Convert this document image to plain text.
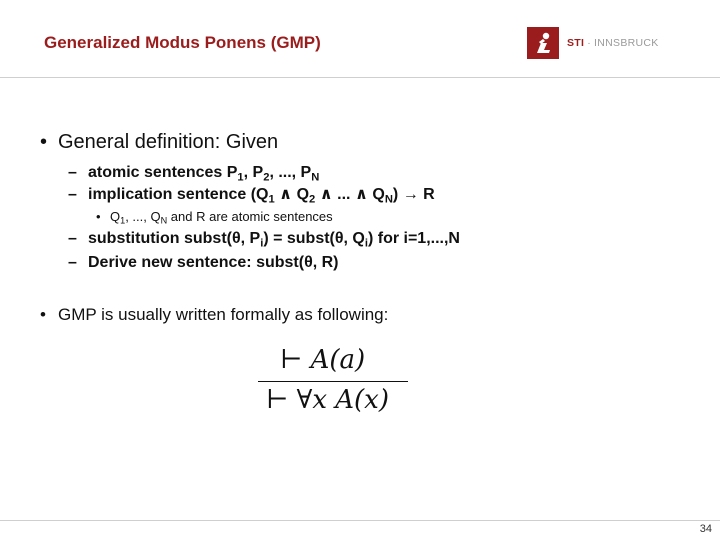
Generalized Modus Ponens (GMP)	STI · INNSBRUCK
• General definition: Given
– atomic sentences $P_1$, $P_2$, ..., $P_N$
– implication sentence ($Q_1$ ∧ $Q_2$ ∧ ... ∧ $Q_N) \to R$
• $Q_1$, ..., $Q_N$ and R are atomic sentences
– substitution subst(θ, $P_i$) = subst(θ, $Q_i$) for i=1,...,N
– Derive new sentence: subst(θ, R)
• GMP is usually written formally as following:
⊢ A(a)
⊢ ∀x A(x)
34
